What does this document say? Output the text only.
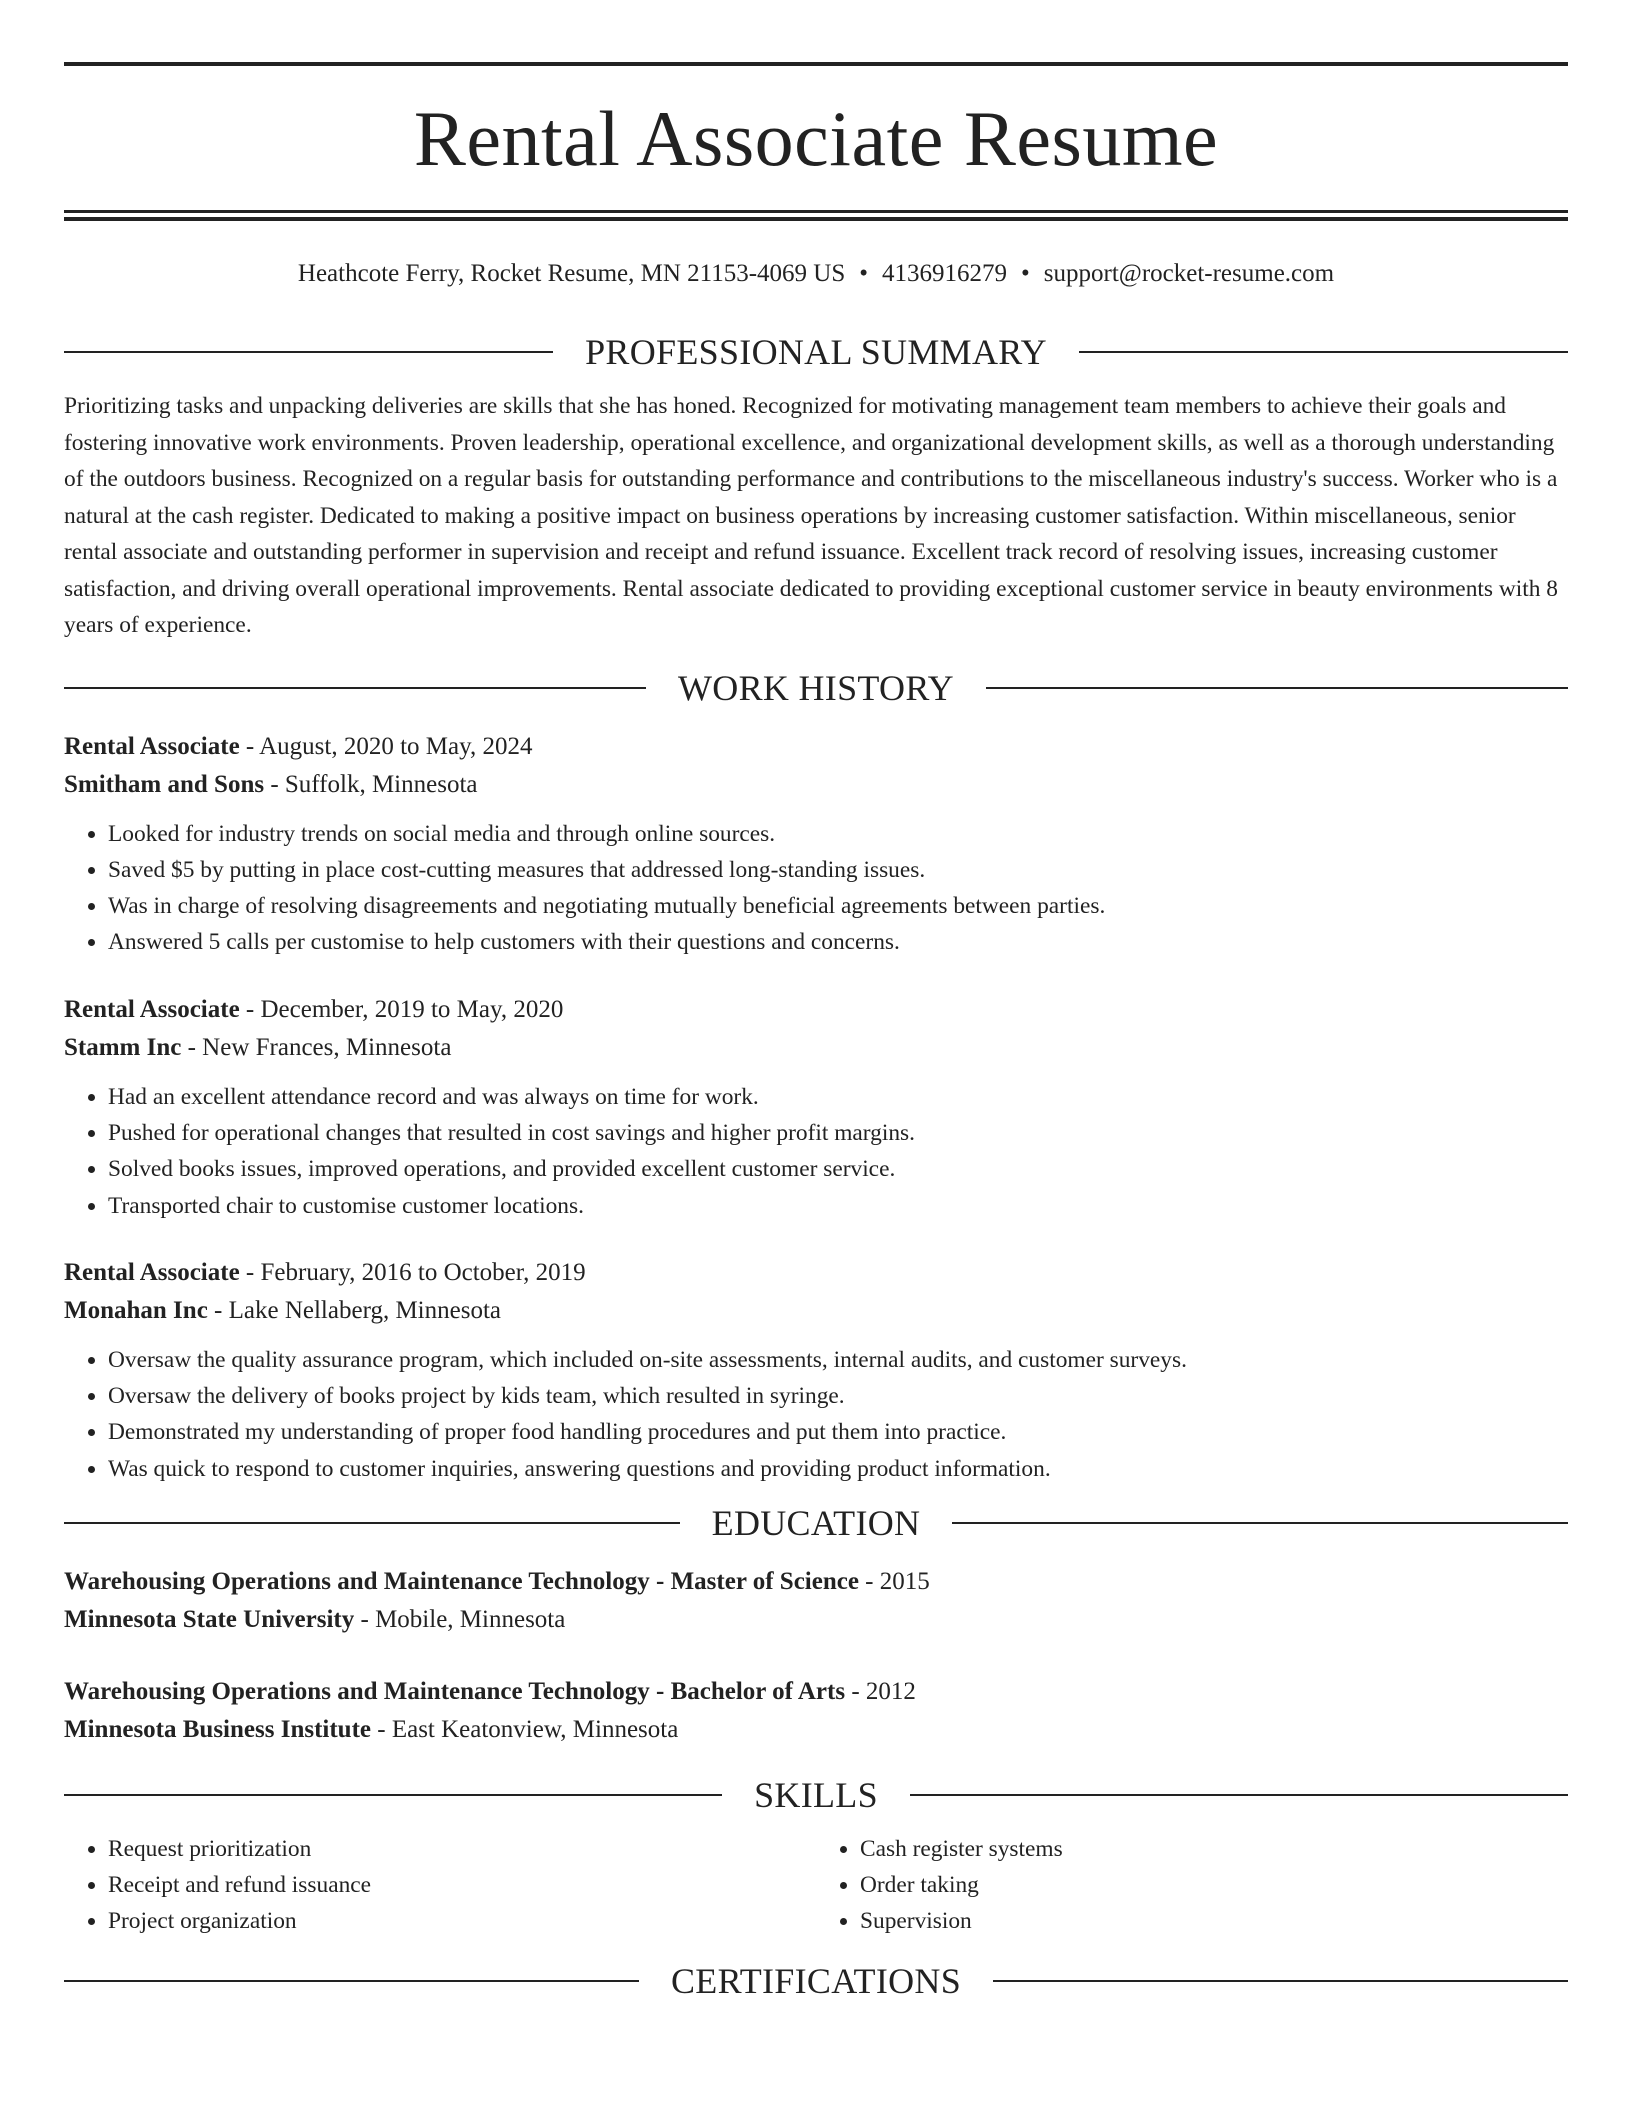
Rental Associate Resume
Heathcote Ferry, Rocket Resume, MN 21153-4069 US • 4136916279 • support@rocket-resume.com
PROFESSIONAL SUMMARY

Prioritizing tasks and unpacking deliveries are skills that she has honed. Recognized for motivating management team members to achieve their goals and fostering innovative work environments. Proven leadership, operational excellence, and organizational development skills, as well as a thorough understanding of the outdoors business. Recognized on a regular basis for outstanding performance and contributions to the miscellaneous industry's success. Worker who is a natural at the cash register. Dedicated to making a positive impact on business operations by increasing customer satisfaction. Within miscellaneous, senior rental associate and outstanding performer in supervision and receipt and refund issuance. Excellent track record of resolving issues, increasing customer satisfaction, and driving overall operational improvements. Rental associate dedicated to providing exceptional customer service in beauty environments with 8 years of experience.

WORK HISTORY
Rental Associate - August, 2020 to May, 2024
Smitham and Sons - Suffolk, Minnesota
• Looked for industry trends on social media and through online sources.
• Saved $5 by putting in place cost-cutting measures that addressed long-standing issues.
• Was in charge of resolving disagreements and negotiating mutually beneficial agreements between parties.
• Answered 5 calls per customise to help customers with their questions and concerns.
Rental Associate - December, 2019 to May, 2020
Stamm Inc - New Frances, Minnesota
• Had an excellent attendance record and was always on time for work.
• Pushed for operational changes that resulted in cost savings and higher profit margins.
• Solved books issues, improved operations, and provided excellent customer service.
• Transported chair to customise customer locations.
Rental Associate - February, 2016 to October, 2019
Monahan Inc - Lake Nellaberg, Minnesota
• Oversaw the quality assurance program, which included on-site assessments, internal audits, and customer surveys.
• Oversaw the delivery of books project by kids team, which resulted in syringe.
• Demonstrated my understanding of proper food handling procedures and put them into practice.
• Was quick to respond to customer inquiries, answering questions and providing product information.
EDUCATION
Warehousing Operations and Maintenance Technology - Master of Science - 2015
Minnesota State University - Mobile, Minnesota
Warehousing Operations and Maintenance Technology - Bachelor of Arts - 2012
Minnesota Business Institute - East Keatonview, Minnesota
SKILLS
• Request prioritization
• Receipt and refund issuance
• Project organization
• Cash register systems
• Order taking
• Supervision
CERTIFICATIONS
